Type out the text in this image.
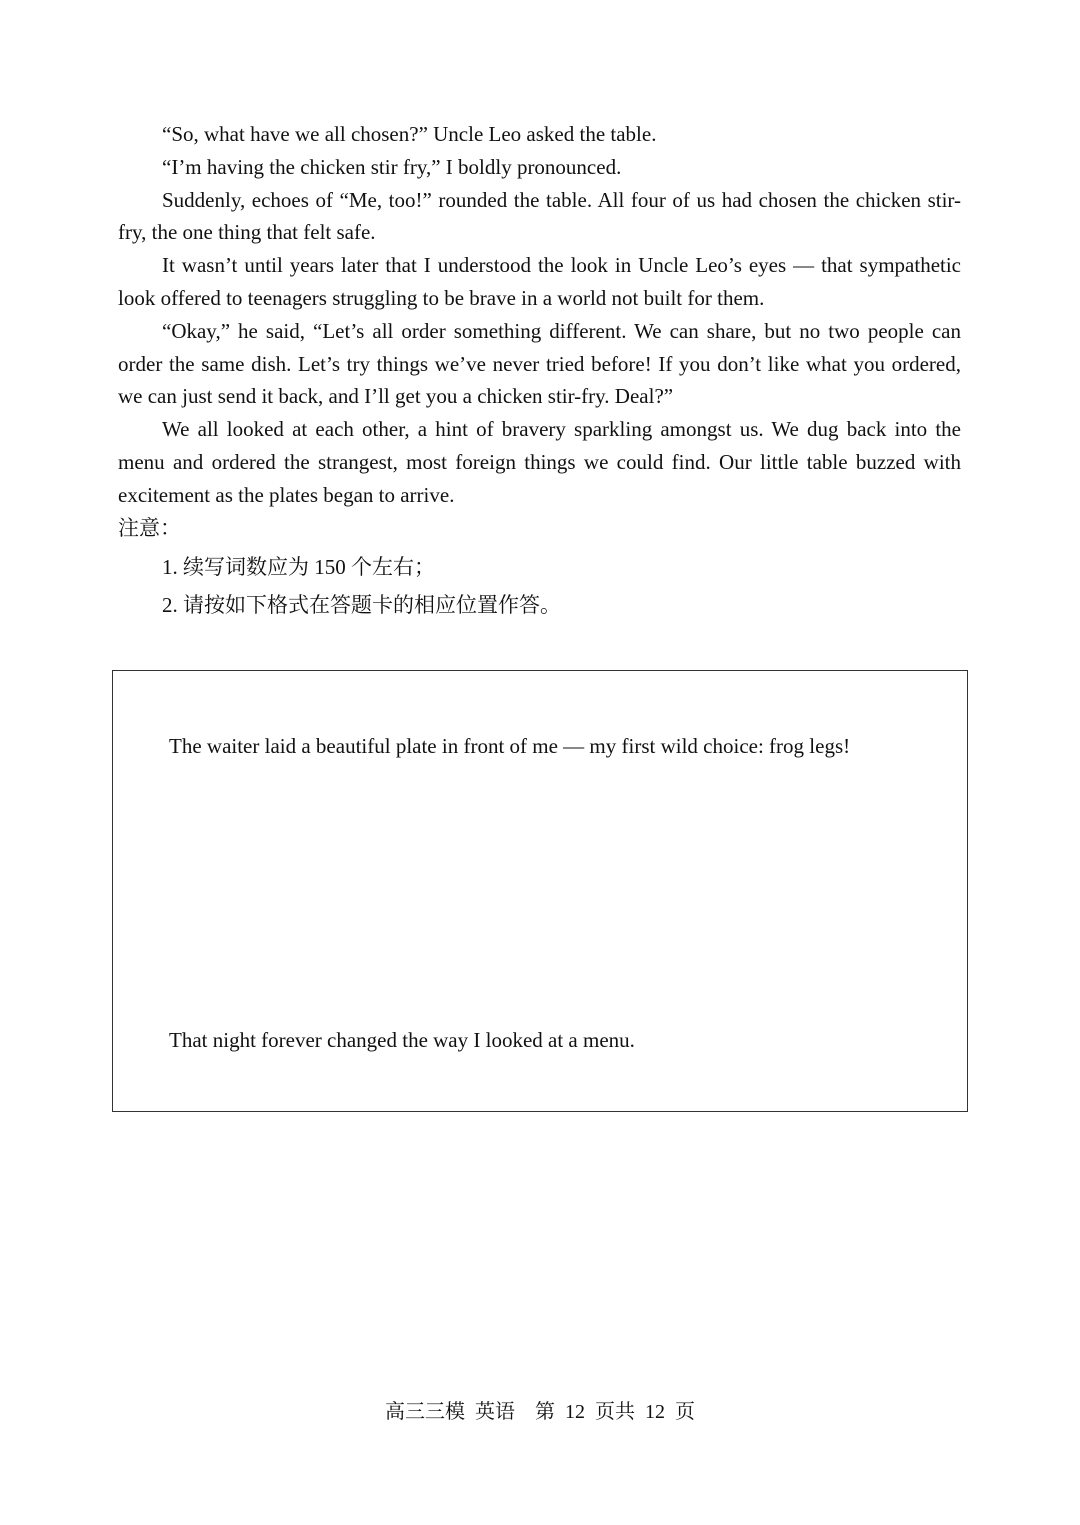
“So, what have we all chosen?” Uncle Leo asked the table.

“I’m having the chicken stir fry,” I boldly pronounced.

Suddenly, echoes of “Me, too!” rounded the table. All four of us had chosen the chicken stir-fry, the one thing that felt safe.

It wasn’t until years later that I understood the look in Uncle Leo’s eyes — that sympathetic look offered to teenagers struggling to be brave in a world not built for them.

“Okay,” he said, “Let’s all order something different. We can share, but no two people can order the same dish. Let’s try things we’ve never tried before! If you don’t like what you ordered, we can just send it back, and I’ll get you a chicken stir-fry. Deal?”

We all looked at each other, a hint of bravery sparkling amongst us. We dug back into the menu and ordered the strangest, most foreign things we could find. Our little table buzzed with excitement as the plates began to arrive.

注意：
1. 续写词数应为 150 个左右；
2. 请按如下格式在答题卡的相应位置作答。
The waiter laid a beautiful plate in front of me — my first wild choice: frog legs!
That night forever changed the way I looked at a menu.
高三三模  英语    第  12  页共  12  页
